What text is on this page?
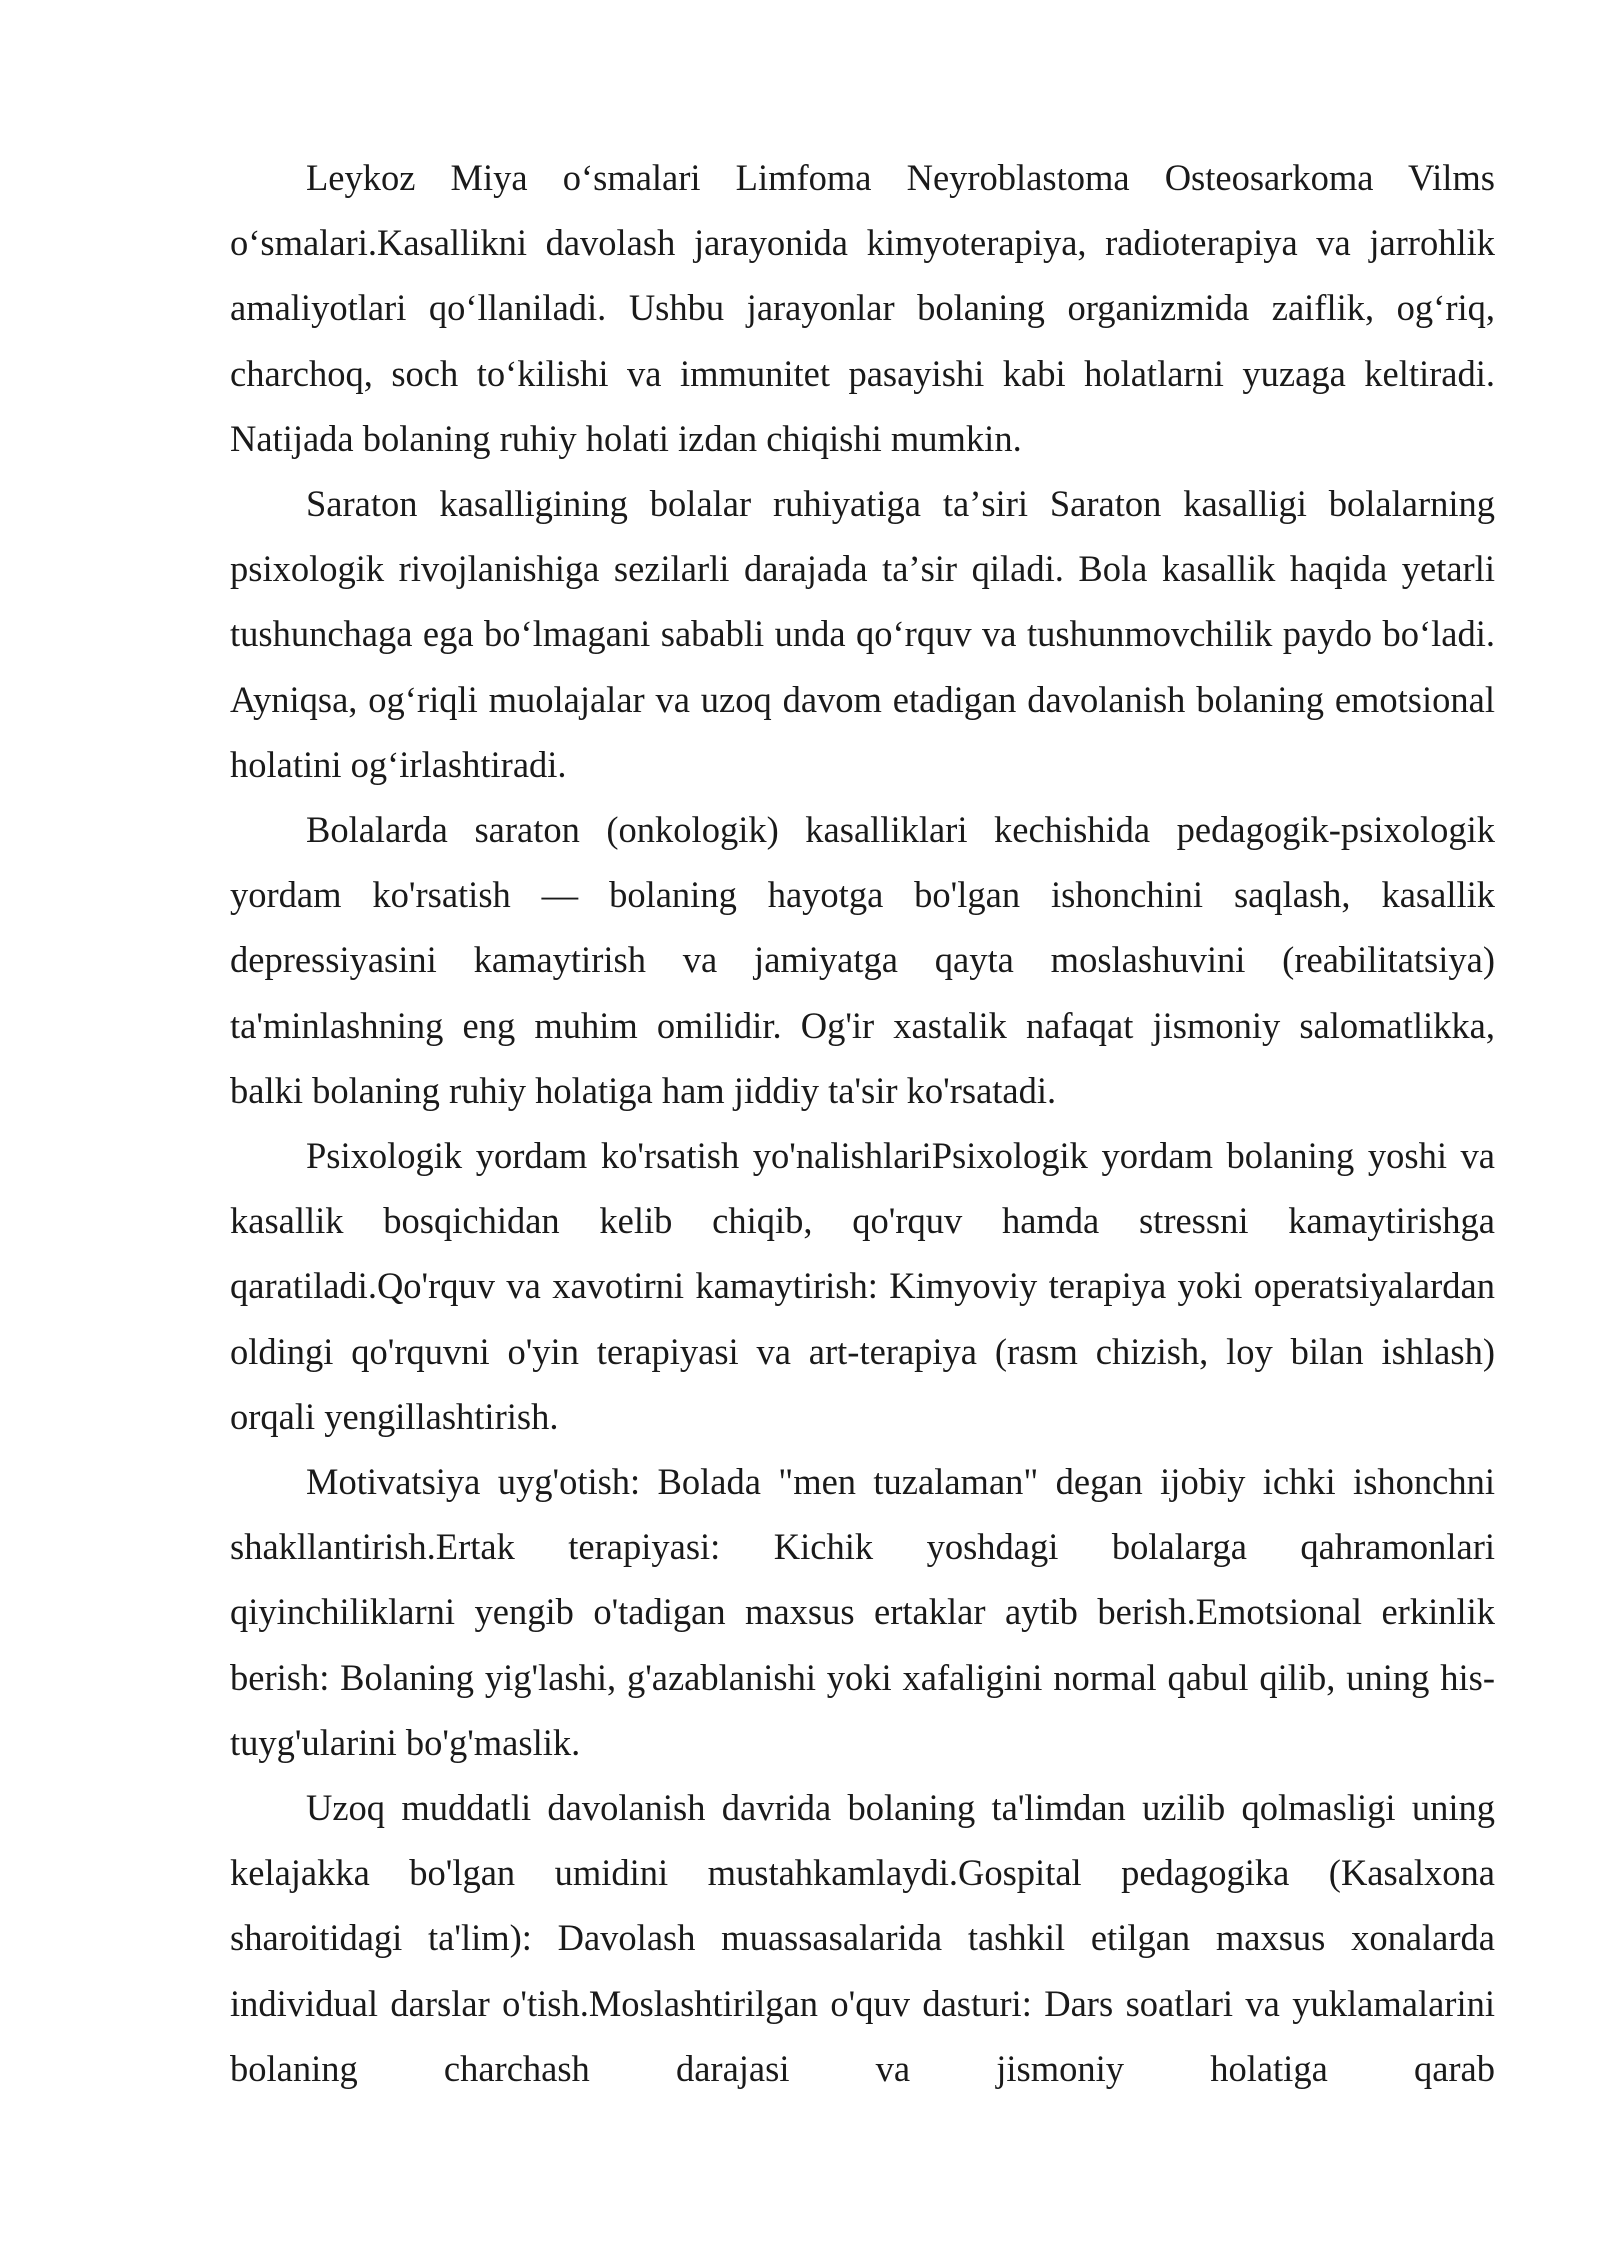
Leykoz Miya oʻsmalari Limfoma Neyroblastoma Osteosarkoma Vilms oʻsmalari.Kasallikni davolash jarayonida kimyoterapiya, radioterapiya va jarrohlik amaliyotlari qoʻllaniladi. Ushbu jarayonlar bolaning organizmida zaiflik, ogʻriq, charchoq, soch toʻkilishi va immunitet pasayishi kabi holatlarni yuzaga keltiradi. Natijada bolaning ruhiy holati izdan chiqishi mumkin.

Saraton kasalligining bolalar ruhiyatiga taʼsiri Saraton kasalligi bolalarning psixologik rivojlanishiga sezilarli darajada taʼsir qiladi. Bola kasallik haqida yetarli tushunchaga ega boʻlmagani sababli unda qoʻrquv va tushunmovchilik paydo boʻladi. Ayniqsa, ogʻriqli muolajalar va uzoq davom etadigan davolanish bolaning emotsional holatini ogʻirlashtiradi.

Bolalarda saraton (onkologik) kasalliklari kechishida pedagogik-psixologik yordam ko'rsatish — bolaning hayotga bo'lgan ishonchini saqlash, kasallik depressiyasini kamaytirish va jamiyatga qayta moslashuvini (reabilitatsiya) ta'minlashning eng muhim omilidir. Og'ir xastalik nafaqat jismoniy salomatlikka, balki bolaning ruhiy holatiga ham jiddiy ta'sir ko'rsatadi.

Psixologik yordam ko'rsatish yo'nalishlariPsixologik yordam bolaning yoshi va kasallik bosqichidan kelib chiqib, qo'rquv hamda stressni kamaytirishga qaratiladi.Qo'rquv va xavotirni kamaytirish: Kimyoviy terapiya yoki operatsiyalardan oldingi qo'rquvni o'yin terapiyasi va art-terapiya (rasm chizish, loy bilan ishlash) orqali yengillashtirish.

Motivatsiya uyg'otish: Bolada "men tuzalaman" degan ijobiy ichki ishonchni shakllantirish.Ertak terapiyasi: Kichik yoshdagi bolalarga qahramonlari qiyinchiliklarni yengib o'tadigan maxsus ertaklar aytib berish.Emotsional erkinlik berish: Bolaning yig'lashi, g'azablanishi yoki xafaligini normal qabul qilib, uning his-tuyg'ularini bo'g'maslik.

Uzoq muddatli davolanish davrida bolaning ta'limdan uzilib qolmasligi uning kelajakka bo'lgan umidini mustahkamlaydi.Gospital pedagogika (Kasalxona sharoitidagi ta'lim): Davolash muassasalarida tashkil etilgan maxsus xonalarda individual darslar o'tish.Moslashtirilgan o'quv dasturi: Dars soatlari va yuklamalarini bolaning charchash darajasi va jismoniy holatiga qarab
